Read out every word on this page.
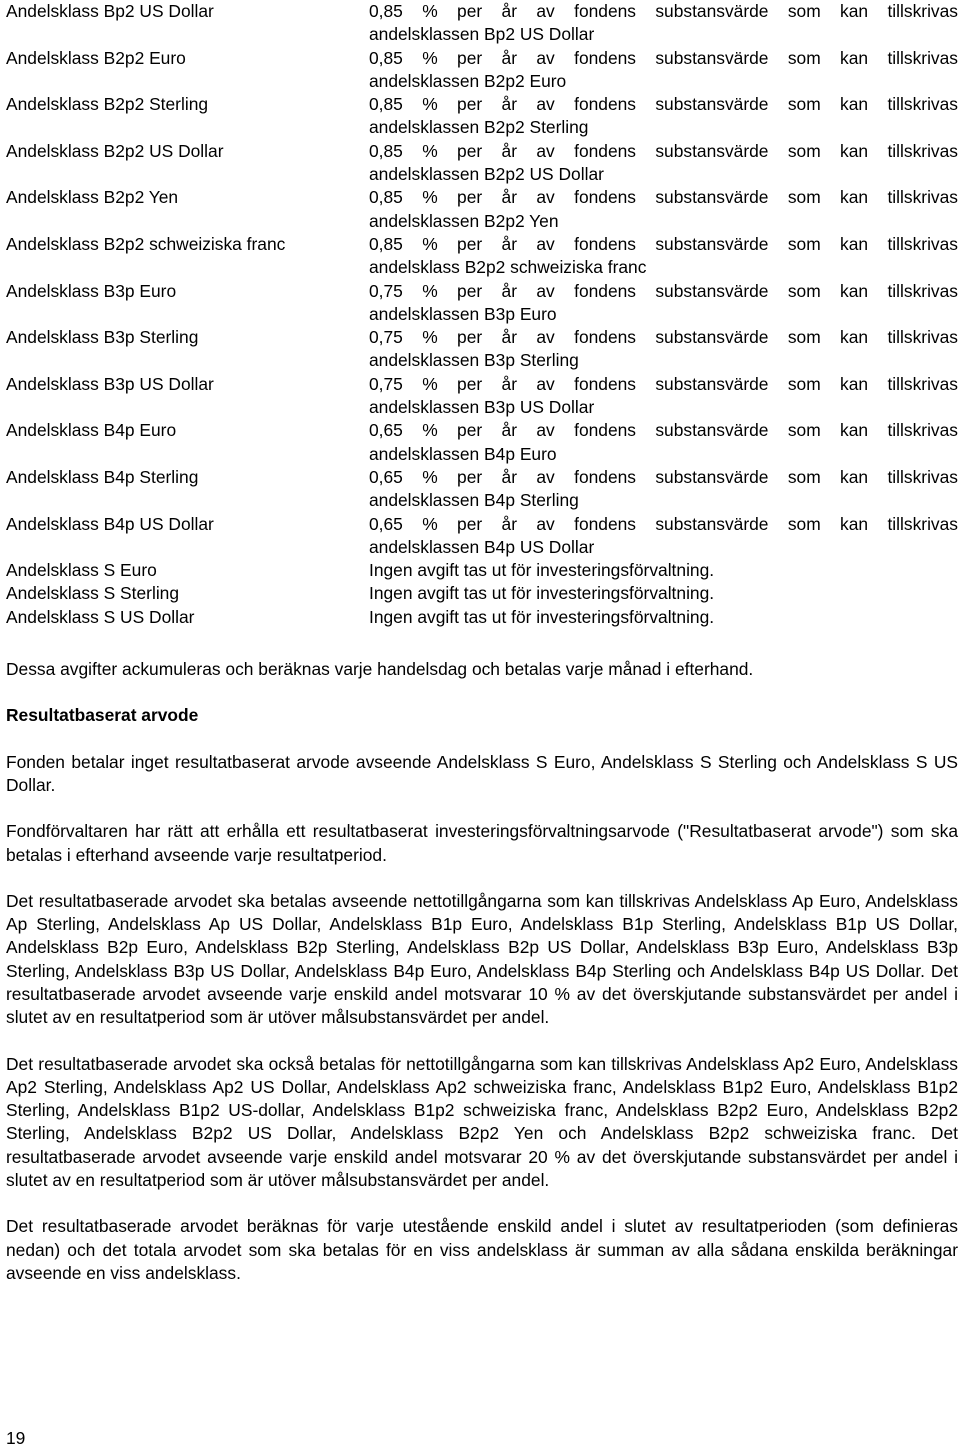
Andelsklass Bp2 US Dollar	0,85 % per år av fondens substansvärde som kan tillskrivas
andelsklassen Bp2 US Dollar
Andelsklass B2p2 Euro	0,85 % per år av fondens substansvärde som kan tillskrivas
andelsklassen B2p2 Euro
Andelsklass B2p2 Sterling	0,85 % per år av fondens substansvärde som kan tillskrivas
andelsklassen B2p2 Sterling
Andelsklass B2p2 US Dollar	0,85 % per år av fondens substansvärde som kan tillskrivas
andelsklassen B2p2 US Dollar
Andelsklass B2p2 Yen	0,85 % per år av fondens substansvärde som kan tillskrivas
andelsklassen B2p2 Yen
Andelsklass B2p2 schweiziska franc	0,85 % per år av fondens substansvärde som kan tillskrivas
andelsklass B2p2 schweiziska franc
Andelsklass B3p Euro	0,75 % per år av fondens substansvärde som kan tillskrivas
andelsklassen B3p Euro
Andelsklass B3p Sterling	0,75 % per år av fondens substansvärde som kan tillskrivas
andelsklassen B3p Sterling
Andelsklass B3p US Dollar	0,75 % per år av fondens substansvärde som kan tillskrivas
andelsklassen B3p US Dollar
Andelsklass B4p Euro	0,65 % per år av fondens substansvärde som kan tillskrivas
andelsklassen B4p Euro
Andelsklass B4p Sterling	0,65 % per år av fondens substansvärde som kan tillskrivas
andelsklassen B4p Sterling
Andelsklass B4p US Dollar	0,65 % per år av fondens substansvärde som kan tillskrivas
andelsklassen B4p US Dollar
Andelsklass S Euro	Ingen avgift tas ut för investeringsförvaltning.
Andelsklass S Sterling	Ingen avgift tas ut för investeringsförvaltning.
Andelsklass S US Dollar	Ingen avgift tas ut för investeringsförvaltning.

Dessa avgifter ackumuleras och beräknas varje handelsdag och betalas varje månad i efterhand.

Resultatbaserat arvode

Fonden betalar inget resultatbaserat arvode avseende Andelsklass S Euro, Andelsklass S Sterling och Andelsklass S US Dollar.

Fondförvaltaren har rätt att erhålla ett resultatbaserat investeringsförvaltningsarvode ("Resultatbaserat arvode") som ska betalas i efterhand avseende varje resultatperiod.

Det resultatbaserade arvodet ska betalas avseende nettotillgångarna som kan tillskrivas Andelsklass Ap Euro, Andelsklass Ap Sterling, Andelsklass Ap US Dollar, Andelsklass B1p Euro, Andelsklass B1p Sterling, Andelsklass B1p US Dollar, Andelsklass B2p Euro, Andelsklass B2p Sterling, Andelsklass B2p US Dollar, Andelsklass B3p Euro, Andelsklass B3p Sterling, Andelsklass B3p US Dollar, Andelsklass B4p Euro, Andelsklass B4p Sterling och Andelsklass B4p US Dollar. Det resultatbaserade arvodet avseende varje enskild andel motsvarar 10 % av det överskjutande substansvärdet per andel i slutet av en resultatperiod som är utöver målsubstansvärdet per andel.

Det resultatbaserade arvodet ska också betalas för nettotillgångarna som kan tillskrivas Andelsklass Ap2 Euro, Andelsklass Ap2 Sterling, Andelsklass Ap2 US Dollar, Andelsklass Ap2 schweiziska franc, Andelsklass B1p2 Euro, Andelsklass B1p2 Sterling, Andelsklass B1p2 US-dollar, Andelsklass B1p2 schweiziska franc, Andelsklass B2p2 Euro, Andelsklass B2p2 Sterling, Andelsklass B2p2 US Dollar, Andelsklass B2p2 Yen och Andelsklass B2p2 schweiziska franc. Det resultatbaserade arvodet avseende varje enskild andel motsvarar 20 % av det överskjutande substansvärdet per andel i slutet av en resultatperiod som är utöver målsubstansvärdet per andel.

Det resultatbaserade arvodet beräknas för varje utestående enskild andel i slutet av resultatperioden (som definieras nedan) och det totala arvodet som ska betalas för en viss andelsklass är summan av alla sådana enskilda beräkningar avseende en viss andelsklass.

19
